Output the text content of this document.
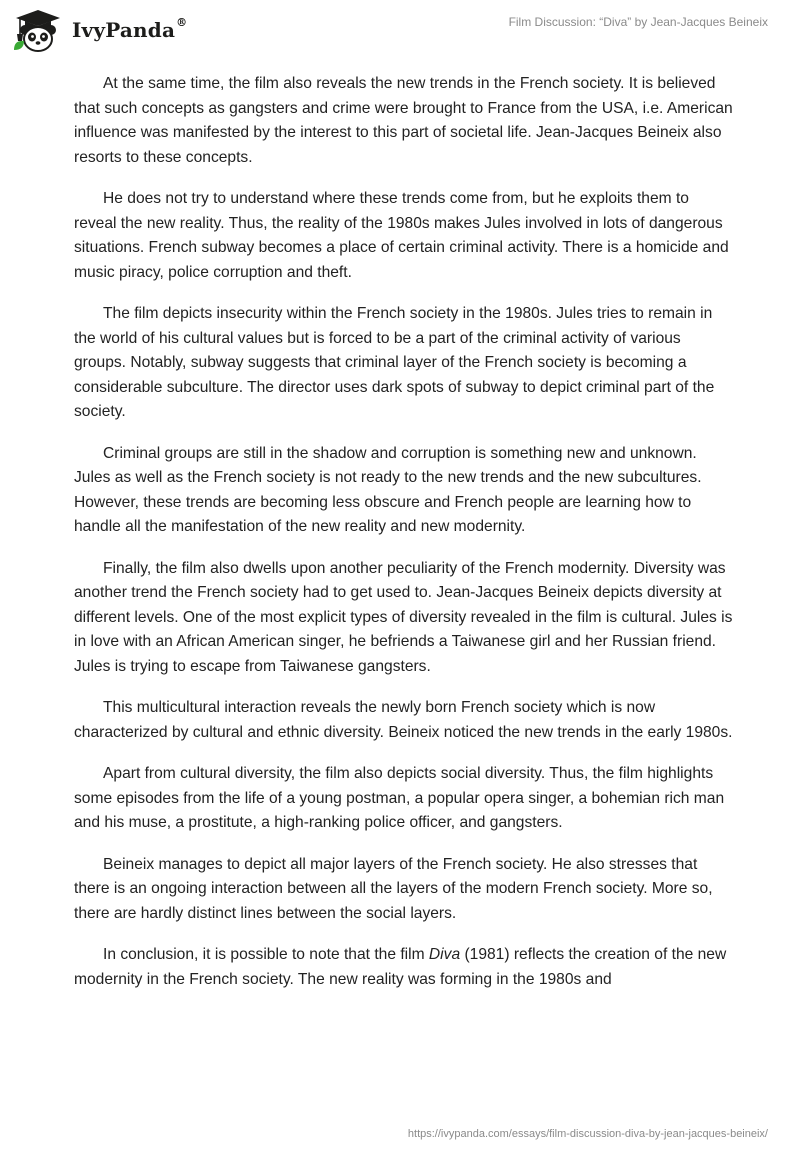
IvyPanda®	Film Discussion: “Diva” by Jean-Jacques Beineix

At the same time, the film also reveals the new trends in the French society. It is believed that such concepts as gangsters and crime were brought to France from the USA, i.e. American influence was manifested by the interest to this part of societal life. Jean-Jacques Beineix also resorts to these concepts.

He does not try to understand where these trends come from, but he exploits them to reveal the new reality. Thus, the reality of the 1980s makes Jules involved in lots of dangerous situations. French subway becomes a place of certain criminal activity. There is a homicide and music piracy, police corruption and theft.

The film depicts insecurity within the French society in the 1980s. Jules tries to remain in the world of his cultural values but is forced to be a part of the criminal activity of various groups. Notably, subway suggests that criminal layer of the French society is becoming a considerable subculture. The director uses dark spots of subway to depict criminal part of the society.

Criminal groups are still in the shadow and corruption is something new and unknown. Jules as well as the French society is not ready to the new trends and the new subcultures. However, these trends are becoming less obscure and French people are learning how to handle all the manifestation of the new reality and new modernity.

Finally, the film also dwells upon another peculiarity of the French modernity. Diversity was another trend the French society had to get used to. Jean-Jacques Beineix depicts diversity at different levels. One of the most explicit types of diversity revealed in the film is cultural. Jules is in love with an African American singer, he befriends a Taiwanese girl and her Russian friend. Jules is trying to escape from Taiwanese gangsters.

This multicultural interaction reveals the newly born French society which is now characterized by cultural and ethnic diversity. Beineix noticed the new trends in the early 1980s.

Apart from cultural diversity, the film also depicts social diversity. Thus, the film highlights some episodes from the life of a young postman, a popular opera singer, a bohemian rich man and his muse, a prostitute, a high-ranking police officer, and gangsters.

Beineix manages to depict all major layers of the French society. He also stresses that there is an ongoing interaction between all the layers of the modern French society. More so, there are hardly distinct lines between the social layers.

In conclusion, it is possible to note that the film Diva (1981) reflects the creation of the new modernity in the French society. The new reality was forming in the 1980s and

https://ivypanda.com/essays/film-discussion-diva-by-jean-jacques-beineix/
